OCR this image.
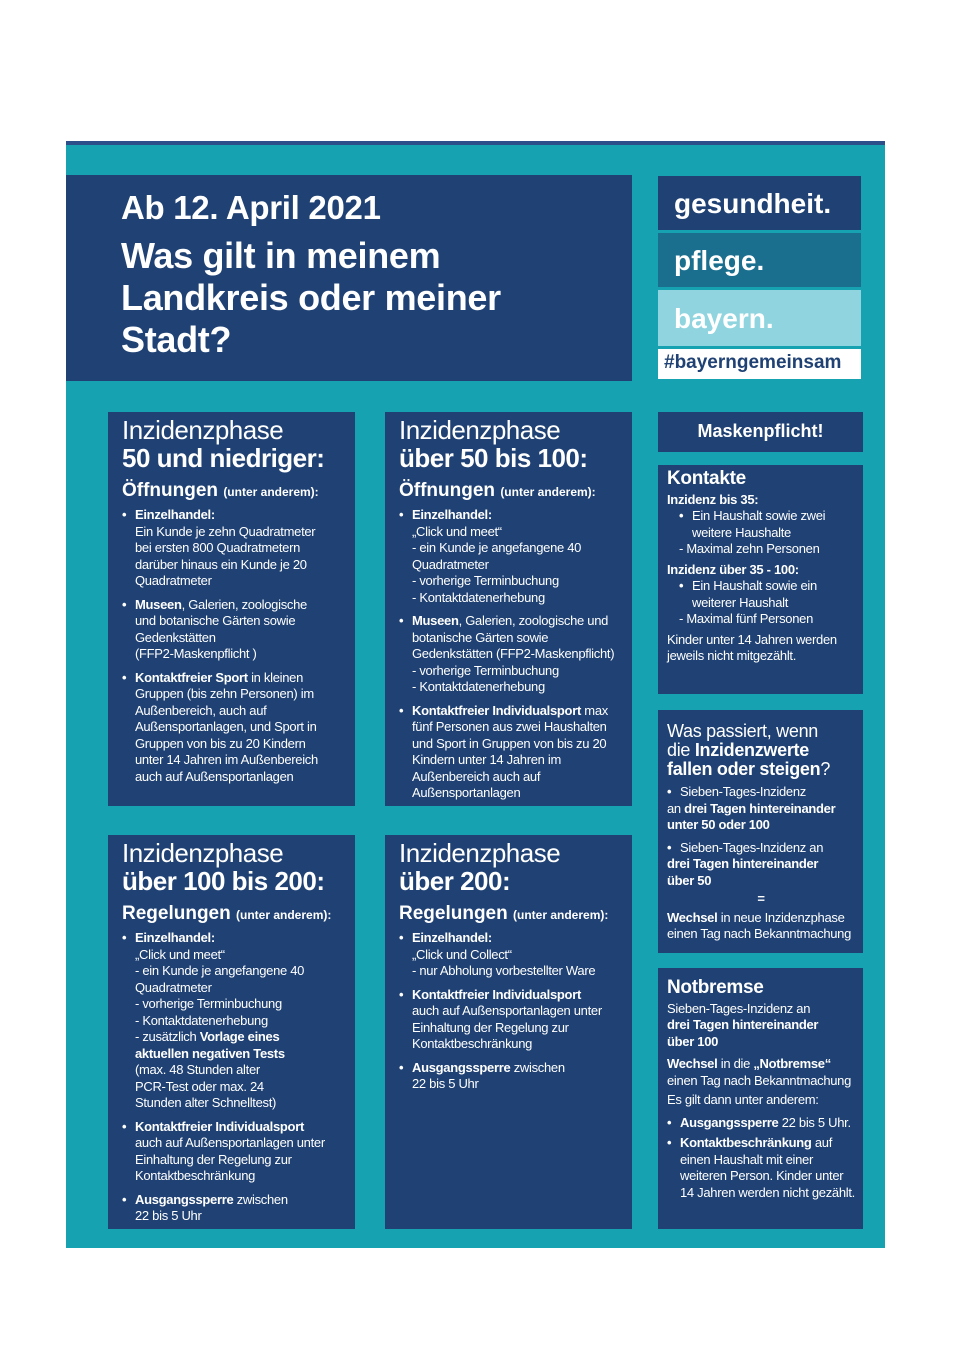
Ab 12. April 2021

Was gilt in meinem
Landkreis oder meiner
Stadt?

gesundheit.
pflege.
bayern.
#bayerngemeinsam

Inzidenzphase

50 und niedriger:

Öffnungen (unter anderem):

• Einzelhandel:
Ein Kunde je zehn Quadratmeter
bei ersten 800 Quadratmetern
darüber hinaus ein Kunde je 20
Quadratmeter
• Museen, Galerien, zoologische
und botanische Gärten sowie
Gedenkstätten
(FFP2-Maskenpflicht )
• Kontaktfreier Sport in kleinen
Gruppen (bis zehn Personen) im
Außenbereich, auch auf
Außensportanlagen, und Sport in
Gruppen von bis zu 20 Kindern
unter 14 Jahren im Außenbereich
auch auf Außensportanlagen

Inzidenzphase

über 50 bis 100:

Öffnungen (unter anderem):

• Einzelhandel:
„Click und meet“
- ein Kunde je angefangene 40
Quadratmeter
- vorherige Terminbuchung
- Kontaktdatenerhebung
• Museen, Galerien, zoologische und
botanische Gärten sowie
Gedenkstätten (FFP2-Maskenpflicht)
- vorherige Terminbuchung
- Kontaktdatenerhebung
• Kontaktfreier Individualsport max
fünf Personen aus zwei Haushalten
und Sport in Gruppen von bis zu 20
Kindern unter 14 Jahren im
Außenbereich auch auf
Außensportanlagen

Inzidenzphase

über 100 bis 200:

Regelungen (unter anderem):

• Einzelhandel:
„Click und meet“
- ein Kunde je angefangene 40
Quadratmeter
- vorherige Terminbuchung
- Kontaktdatenerhebung
- zusätzlich Vorlage eines
aktuellen negativen Tests
(max. 48 Stunden alter
PCR-Test oder max. 24
Stunden alter Schnelltest)
• Kontaktfreier Individualsport
auch auf Außensportanlagen unter
Einhaltung der Regelung zur
Kontaktbeschränkung
• Ausgangssperre zwischen
22 bis 5 Uhr

Inzidenzphase

über 200:

Regelungen (unter anderem):

• Einzelhandel:
„Click und Collect“
- nur Abholung vorbestellter Ware
• Kontaktfreier Individualsport
auch auf Außensportanlagen unter
Einhaltung der Regelung zur
Kontaktbeschränkung
• Ausgangssperre zwischen
22 bis 5 Uhr
Maskenpflicht!

Kontakte

Inzidenz bis 35:

• Ein Haushalt sowie zwei
weitere Haushalte

- Maximal zehn Personen

Inzidenz über 35 - 100:

• Ein Haushalt sowie ein
weiterer Haushalt

- Maximal fünf Personen

Kinder unter 14 Jahren werden
jeweils nicht mitgezählt.

Was passiert, wenn
die Inzidenzwerte
fallen oder steigen?

• Sieben-Tages-Inzidenz

an drei Tagen hintereinander
unter 50 oder 100

• Sieben-Tages-Inzidenz an

drei Tagen hintereinander
über 50

=

Wechsel in neue Inzidenzphase
einen Tag nach Bekanntmachung

Notbremse

Sieben-Tages-Inzidenz an
drei Tagen hintereinander
über 100

Wechsel in die „Notbremse“
einen Tag nach Bekanntmachung

Es gilt dann unter anderem:

• Ausgangssperre 22 bis 5 Uhr.
• Kontaktbeschränkung auf
einen Haushalt mit einer
weiteren Person. Kinder unter
14 Jahren werden nicht gezählt.
